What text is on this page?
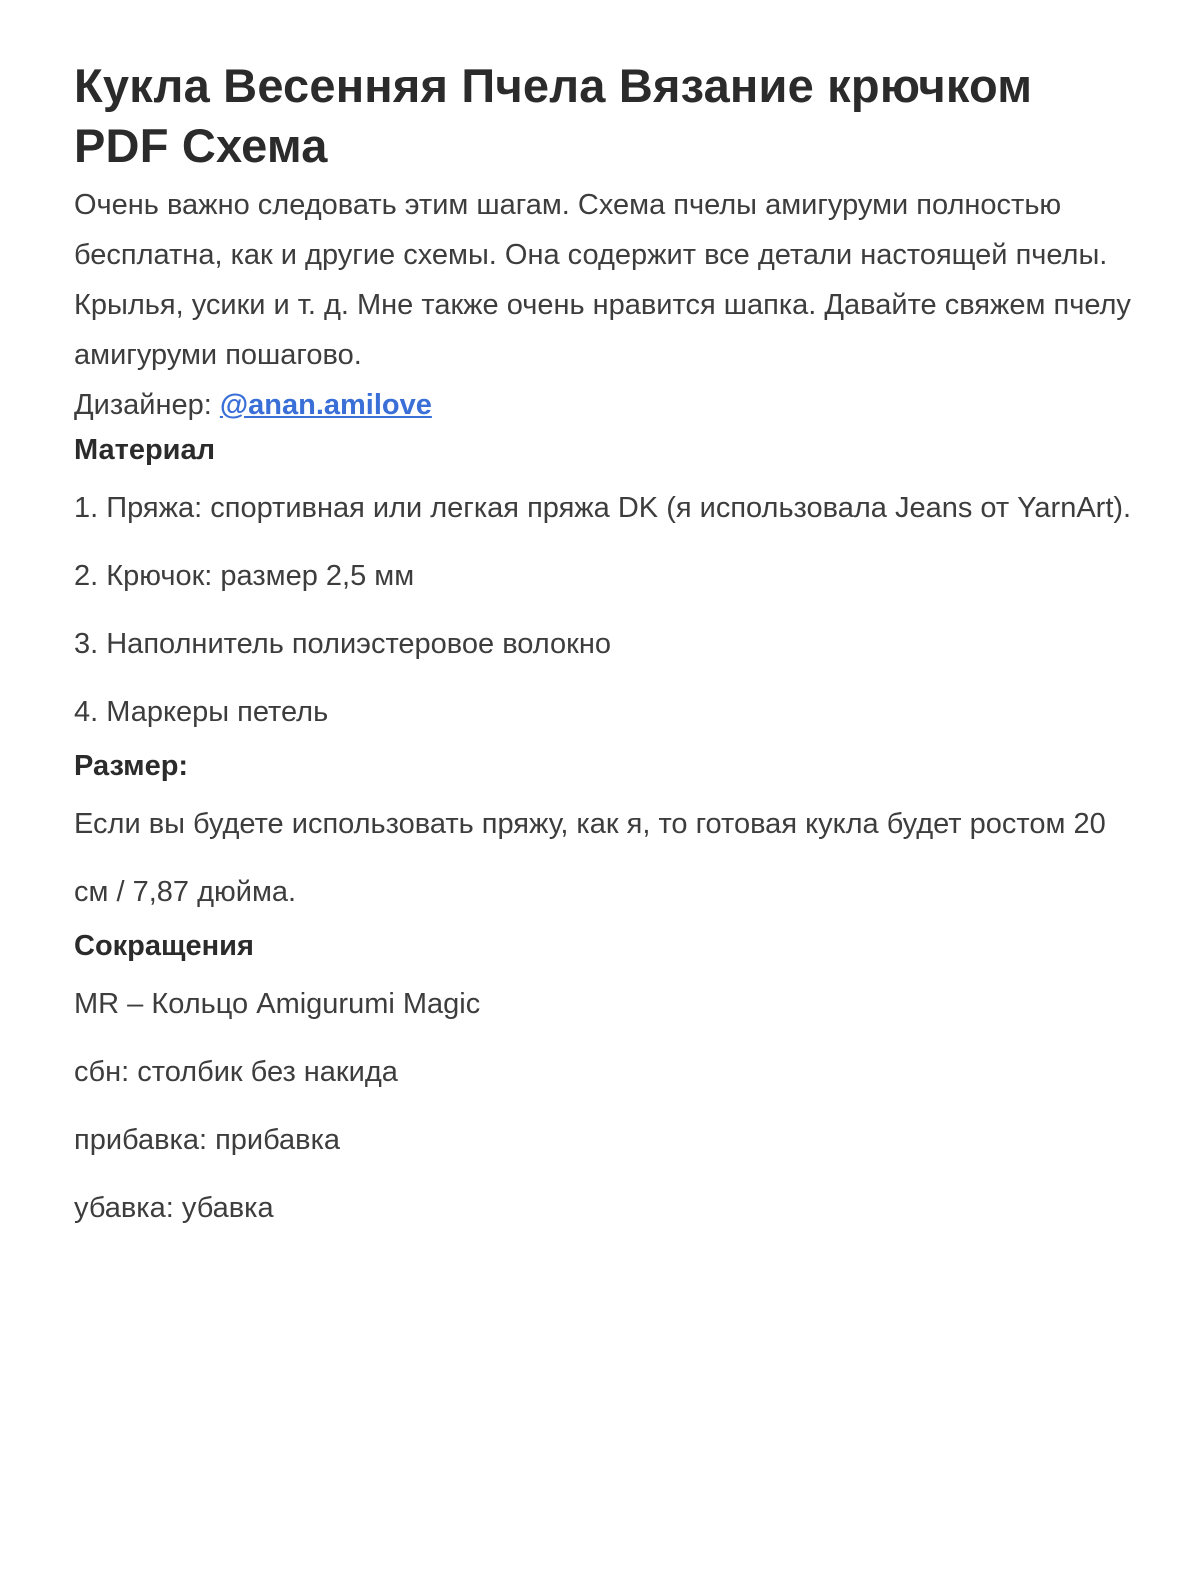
Кукла Весенняя Пчела Вязание крючком PDF Схема

Очень важно следовать этим шагам. Схема пчелы амигуруми полностью бесплатна, как и другие схемы. Она содержит все детали настоящей пчелы. Крылья, усики и т. д. Мне также очень нравится шапка. Давайте свяжем пчелу амигуруми пошагово.

Дизайнер: @anan.amilove

Материал

1. Пряжа: спортивная или легкая пряжа DK (я использовала Jeans от YarnArt).

2. Крючок: размер 2,5 мм

3. Наполнитель полиэстеровое волокно

4. Маркеры петель

Размер:

Если вы будете использовать пряжу, как я, то готовая кукла будет ростом 20 см / 7,87 дюйма.

Сокращения

MR – Кольцо Amigurumi Magic

сбн: столбик без накида

прибавка: прибавка

убавка: убавка
